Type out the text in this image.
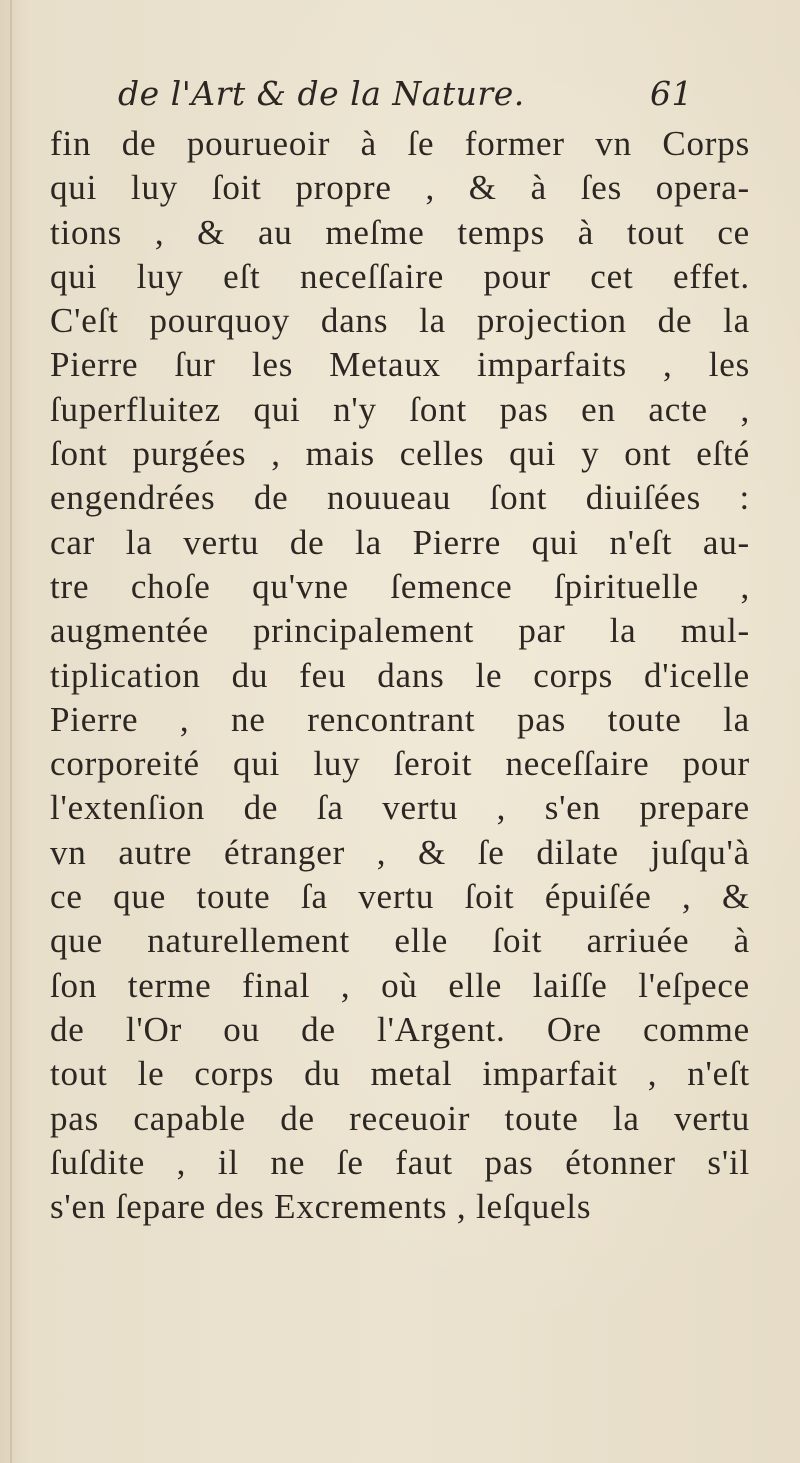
de l'Art & de la Nature.	61
fin de pourueoir à ſe former vn Corps
qui luy ſoit propre , & à ſes opera-
tions , & au meſme temps à tout ce
qui luy eſt neceſſaire pour cet effet.
C'eſt pourquoy dans la projection de la
Pierre ſur les Metaux imparfaits , les
ſuperfluitez qui n'y ſont pas en acte ,
ſont purgées , mais celles qui y ont eſté
engendrées de nouueau ſont diuiſées :
car la vertu de la Pierre qui n'eſt au-
tre choſe qu'vne ſemence ſpirituelle ,
augmentée principalement par la mul-
tiplication du feu dans le corps d'icelle
Pierre , ne rencontrant pas toute la
corporeité qui luy ſeroit neceſſaire pour
l'extenſion de ſa vertu , s'en prepare
vn autre étranger , & ſe dilate juſqu'à
ce que toute ſa vertu ſoit épuiſée , &
que naturellement elle ſoit arriuée à
ſon terme final , où elle laiſſe l'eſpece
de l'Or ou de l'Argent. Ore comme
tout le corps du metal imparfait , n'eſt
pas capable de receuoir toute la vertu
ſuſdite , il ne ſe faut pas étonner s'il
s'en ſepare des Excrements , leſquels
